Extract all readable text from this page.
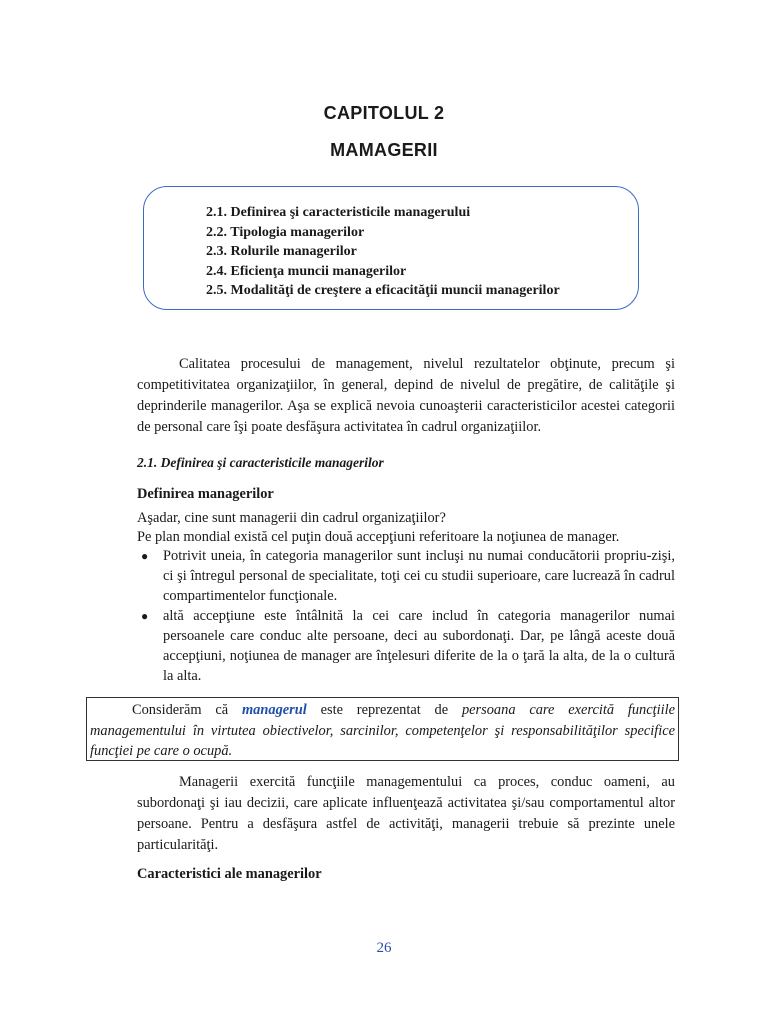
CAPITOLUL 2
MAMAGERII
2.1. Definirea şi caracteristicile managerului
2.2. Tipologia managerilor
2.3. Rolurile managerilor
2.4. Eficienţa muncii managerilor
2.5. Modalităţi de creştere a eficacităţii muncii managerilor

Calitatea procesului de management, nivelul rezultatelor obţinute, precum şi competitivitatea organizaţiilor, în general, depind de nivelul de pregătire, de calităţile şi deprinderile managerilor. Aşa se explică nevoia cunoaşterii caracteristicilor acestei categorii de personal care îşi poate desfăşura activitatea în cadrul organizaţiilor.

2.1. Definirea şi caracteristicile managerilor

Definirea managerilor

Aşadar, cine sunt managerii din cadrul organizaţiilor?

Pe plan mondial există cel puţin două accepţiuni referitoare la noţiunea de manager.

● Potrivit uneia, în categoria managerilor sunt incluşi nu numai conducătorii propriu-zişi, ci şi întregul personal de specialitate, toţi cei cu studii superioare, care lucrează în cadrul compartimentelor funcţionale.
● altă accepţiune este întâlnită la cei care includ în categoria managerilor numai persoanele care conduc alte persoane, deci au subordonaţi. Dar, pe lângă aceste două accepţiuni, noţiunea de manager are înţelesuri diferite de la o ţară la alta, de la o cultură la alta.

Considerăm că managerul este reprezentat de persoana care exercită funcţiile managementului în virtutea obiectivelor, sarcinilor, competenţelor şi responsabilităţilor specifice funcţiei pe care o ocupă.

Managerii exercită funcţiile managementului ca proces, conduc oameni, au subordonaţi şi iau decizii, care aplicate influenţează activitatea şi/sau comportamentul altor persoane. Pentru a desfăşura astfel de activităţi, managerii trebuie să prezinte unele particularităţi.

Caracteristici ale managerilor

26
